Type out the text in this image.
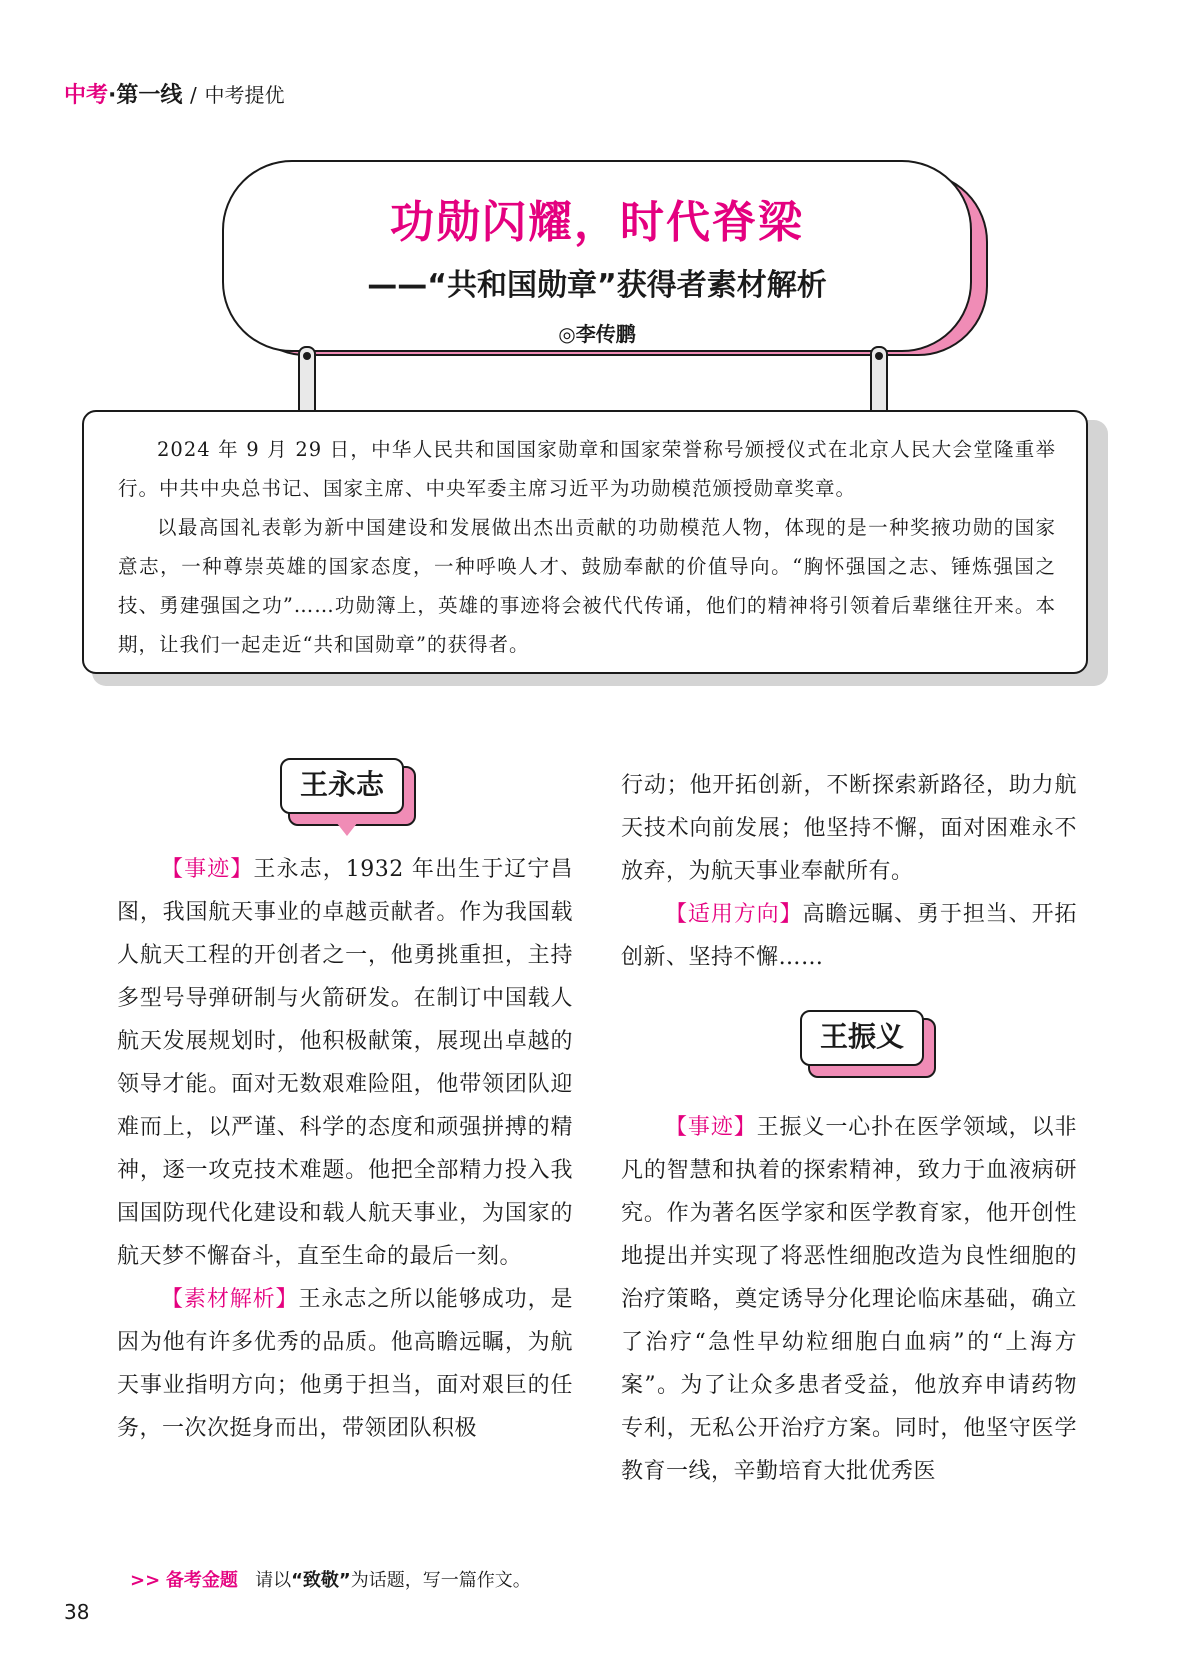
中考·第一线 / 中考提优
功勋闪耀，时代脊梁
——“共和国勋章”获得者素材解析
◎李传鹏

2024 年 9 月 29 日，中华人民共和国国家勋章和国家荣誉称号颁授仪式在北京人民大会堂隆重举行。中共中央总书记、国家主席、中央军委主席习近平为功勋模范颁授勋章奖章。

以最高国礼表彰为新中国建设和发展做出杰出贡献的功勋模范人物，体现的是一种奖掖功勋的国家意志，一种尊崇英雄的国家态度，一种呼唤人才、鼓励奉献的价值导向。“胸怀强国之志、锤炼强国之技、勇建强国之功”……功勋簿上，英雄的事迹将会被代代传诵，他们的精神将引领着后辈继往开来。本期，让我们一起走近“共和国勋章”的获得者。

王永志

【事迹】王永志，1932 年出生于辽宁昌图，我国航天事业的卓越贡献者。作为我国载人航天工程的开创者之一，他勇挑重担，主持多型号导弹研制与火箭研发。在制订中国载人航天发展规划时，他积极献策，展现出卓越的领导才能。面对无数艰难险阻，他带领团队迎难而上，以严谨、科学的态度和顽强拼搏的精神，逐一攻克技术难题。他把全部精力投入我国国防现代化建设和载人航天事业，为国家的航天梦不懈奋斗，直至生命的最后一刻。

【素材解析】王永志之所以能够成功，是因为他有许多优秀的品质。他高瞻远瞩，为航天事业指明方向；他勇于担当，面对艰巨的任务，一次次挺身而出，带领团队积极

行动；他开拓创新，不断探索新路径，助力航天技术向前发展；他坚持不懈，面对困难永不放弃，为航天事业奉献所有。

【适用方向】高瞻远瞩、勇于担当、开拓创新、坚持不懈……

王振义

【事迹】王振义一心扑在医学领域，以非凡的智慧和执着的探索精神，致力于血液病研究。作为著名医学家和医学教育家，他开创性地提出并实现了将恶性细胞改造为良性细胞的治疗策略，奠定诱导分化理论临床基础，确立了治疗“急性早幼粒细胞白血病”的“上海方案”。为了让众多患者受益，他放弃申请药物专利，无私公开治疗方案。同时，他坚守医学教育一线，辛勤培育大批优秀医

>> 备考金题 请以“致敬”为话题，写一篇作文。
38
